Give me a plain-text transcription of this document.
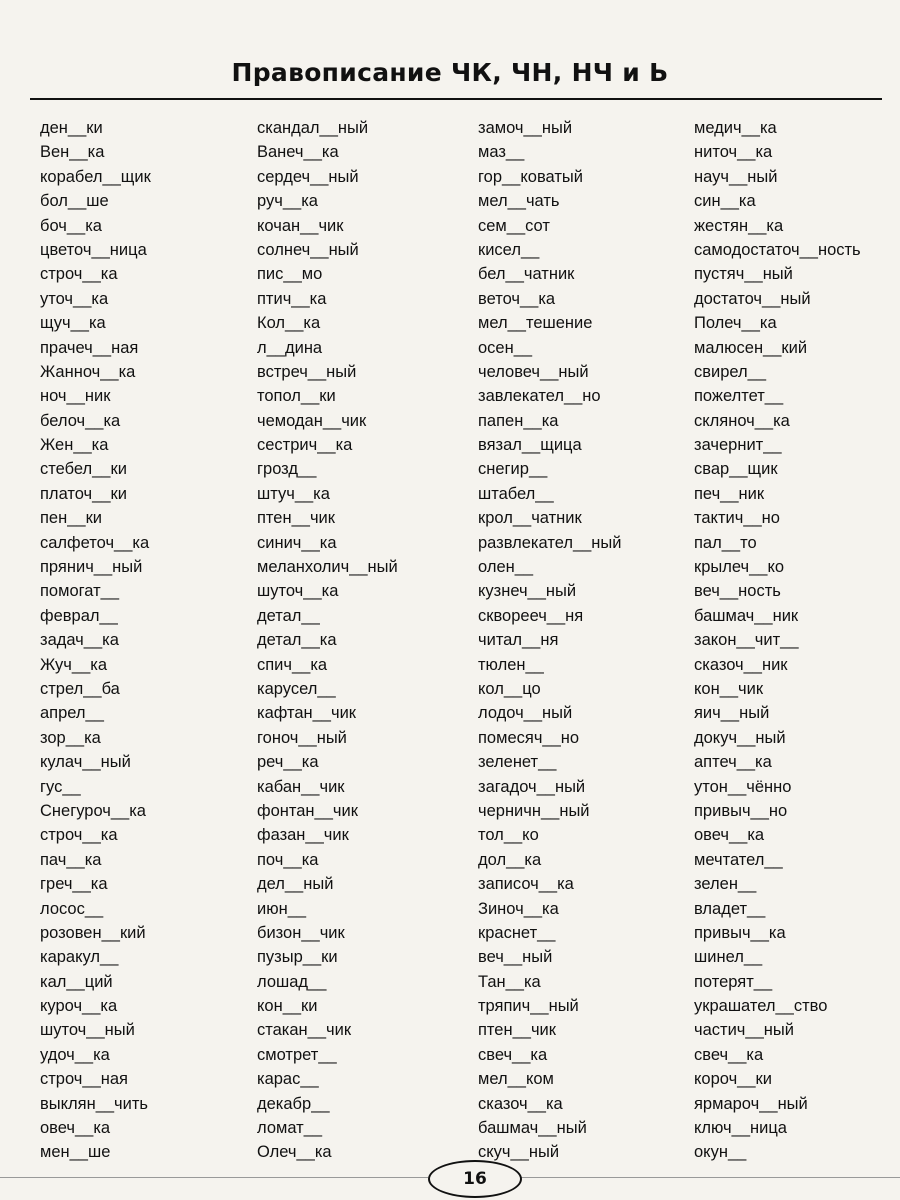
Правописание ЧК, ЧН, НЧ и Ь
ден__ки
Вен__ка
корабел__щик
бол__ше
боч__ка
цветоч__ница
строч__ка
уточ__ка
щуч__ка
прачеч__ная
Жанноч__ка
ноч__ник
белоч__ка
Жен__ка
стебел__ки
платоч__ки
пен__ки
салфеточ__ка
прянич__ный
помогат__
феврал__
задач__ка
Жуч__ка
стрел__ба
апрел__
зор__ка
кулач__ный
гус__
Снегуроч__ка
строч__ка
пач__ка
греч__ка
лосос__
розовен__кий
каракул__
кал__ций
куроч__ка
шуточ__ный
удоч__ка
строч__ная
выклян__чить
овеч__ка
мен__ше
скандал__ный
Ванеч__ка
сердеч__ный
руч__ка
кочан__чик
солнеч__ный
пис__мо
птич__ка
Кол__ка
л__дина
встреч__ный
топол__ки
чемодан__чик
сестрич__ка
грозд__
штуч__ка
птен__чик
синич__ка
меланхолич__ный
шуточ__ка
детал__
детал__ка
спич__ка
карусел__
кафтан__чик
гоноч__ный
реч__ка
кабан__чик
фонтан__чик
фазан__чик
поч__ка
дел__ный
июн__
бизон__чик
пузыр__ки
лошад__
кон__ки
стакан__чик
смотрет__
карас__
декабр__
ломат__
Олеч__ка
замоч__ный
маз__
гор__коватый
мел__чать
сем__сот
кисел__
бел__чатник
веточ__ка
мел__тешение
осен__
человеч__ный
завлекател__но
папен__ка
вязал__щица
снегир__
штабел__
крол__чатник
развлекател__ный
олен__
кузнеч__ный
скворееч__ня
читал__ня
тюлен__
кол__цо
лодоч__ный
помесяч__но
зеленет__
загадоч__ный
черничн__ный
тол__ко
дол__ка
записоч__ка
Зиноч__ка
краснет__
веч__ный
Тан__ка
тряпич__ный
птен__чик
свеч__ка
мел__ком
сказоч__ка
башмач__ный
скуч__ный
медич__ка
ниточ__ка
науч__ный
син__ка
жестян__ка
самодостаточ__ность
пустяч__ный
достаточ__ный
Полеч__ка
малюсен__кий
свирел__
пожелтет__
скляноч__ка
зачернит__
свар__щик
печ__ник
тактич__но
пал__то
крылеч__ко
веч__ность
башмач__ник
закон__чит__
сказоч__ник
кон__чик
яич__ный
докуч__ный
аптеч__ка
утон__чённо
привыч__но
овеч__ка
мечтател__
зелен__
владет__
привыч__ка
шинел__
потерят__
украшател__ство
частич__ный
свеч__ка
короч__ки
ярмароч__ный
ключ__ница
окун__
16
